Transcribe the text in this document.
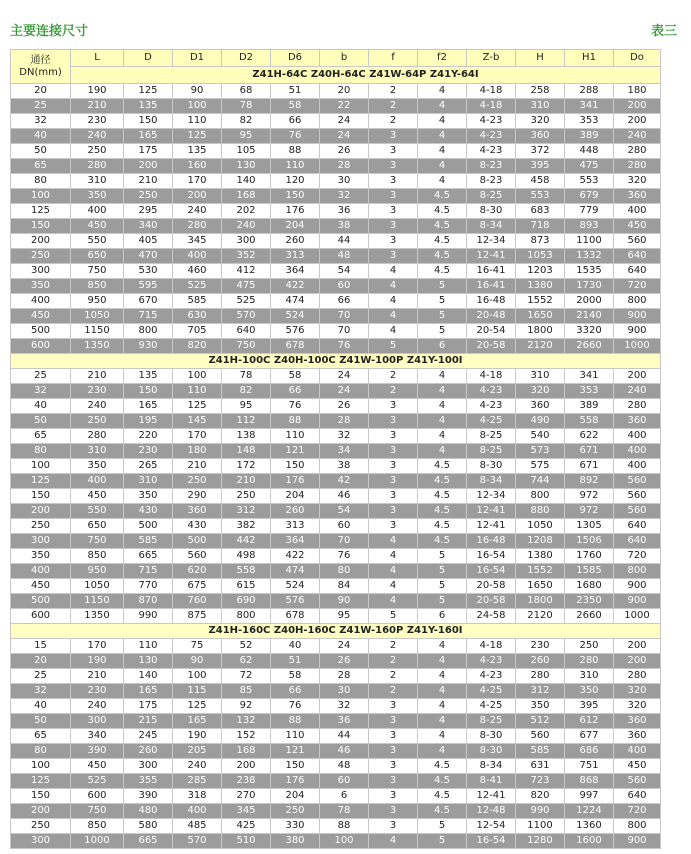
主要连接尺寸	表三
通径
DN(mm)	L	D	D1	D2	D6	b	f	f2	Z-b	H	H1	Do
	Z41H-64C Z40H-64C Z41W-64P Z41Y-64I											
20	190	125	90	68	51	20	2	4	4-18	258	288	180
25	210	135	100	78	58	22	2	4	4-18	310	341	200
32	230	150	110	82	66	24	2	4	4-23	320	353	200
40	240	165	125	95	76	24	3	4	4-23	360	389	240
50	250	175	135	105	88	26	3	4	4-23	372	448	280
65	280	200	160	130	110	28	3	4	8-23	395	475	280
80	310	210	170	140	120	30	3	4	8-23	458	553	320
100	350	250	200	168	150	32	3	4.5	8-25	553	679	360
125	400	295	240	202	176	36	3	4.5	8-30	683	779	400
150	450	340	280	240	204	38	3	4.5	8-34	718	893	450
200	550	405	345	300	260	44	3	4.5	12-34	873	1100	560
250	650	470	400	352	313	48	3	4.5	12-41	1053	1332	640
300	750	530	460	412	364	54	4	4.5	16-41	1203	1535	640
350	850	595	525	475	422	60	4	5	16-41	1380	1730	720
400	950	670	585	525	474	66	4	5	16-48	1552	2000	800
450	1050	715	630	570	524	70	4	5	20-48	1650	2140	900
500	1150	800	705	640	576	70	4	5	20-54	1800	3320	900
600	1350	930	820	750	678	76	5	6	20-58	2120	2660	1000
Z41H-100C Z40H-100C Z41W-100P Z41Y-100I												
25	210	135	100	78	58	24	2	4	4-18	310	341	200
32	230	150	110	82	66	24	2	4	4-23	320	353	240
40	240	165	125	95	76	26	3	4	4-23	360	389	280
50	250	195	145	112	88	28	3	4	4-25	490	558	360
65	280	220	170	138	110	32	3	4	8-25	540	622	400
80	310	230	180	148	121	34	3	4	8-25	573	671	400
100	350	265	210	172	150	38	3	4.5	8-30	575	671	400
125	400	310	250	210	176	42	3	4.5	8-34	744	892	560
150	450	350	290	250	204	46	3	4.5	12-34	800	972	560
200	550	430	360	312	260	54	3	4.5	12-41	880	972	560
250	650	500	430	382	313	60	3	4.5	12-41	1050	1305	640
300	750	585	500	442	364	70	4	4.5	16-48	1208	1506	640
350	850	665	560	498	422	76	4	5	16-54	1380	1760	720
400	950	715	620	558	474	80	4	5	16-54	1552	1585	800
450	1050	770	675	615	524	84	4	5	20-58	1650	1680	900
500	1150	870	760	690	576	90	4	5	20-58	1800	2350	900
600	1350	990	875	800	678	95	5	6	24-58	2120	2660	1000
Z41H-160C Z40H-160C Z41W-160P Z41Y-160I												
15	170	110	75	52	40	24	2	4	4-18	230	250	200
20	190	130	90	62	51	26	2	4	4-23	260	280	200
25	210	140	100	72	58	28	2	4	4-23	280	310	280
32	230	165	115	85	66	30	2	4	4-25	312	350	320
40	240	175	125	92	76	32	3	4	4-25	350	395	320
50	300	215	165	132	88	36	3	4	8-25	512	612	360
65	340	245	190	152	110	44	3	4	8-30	560	677	360
80	390	260	205	168	121	46	3	4	8-30	585	686	400
100	450	300	240	200	150	48	3	4.5	8-34	631	751	450
125	525	355	285	238	176	60	3	4.5	8-41	723	868	560
150	600	390	318	270	204	6	3	4.5	12-41	820	997	640
200	750	480	400	345	250	78	3	4.5	12-48	990	1224	720
250	850	580	485	425	330	88	3	5	12-54	1100	1360	800
300	1000	665	570	510	380	100	4	5	16-54	1280	1600	900
